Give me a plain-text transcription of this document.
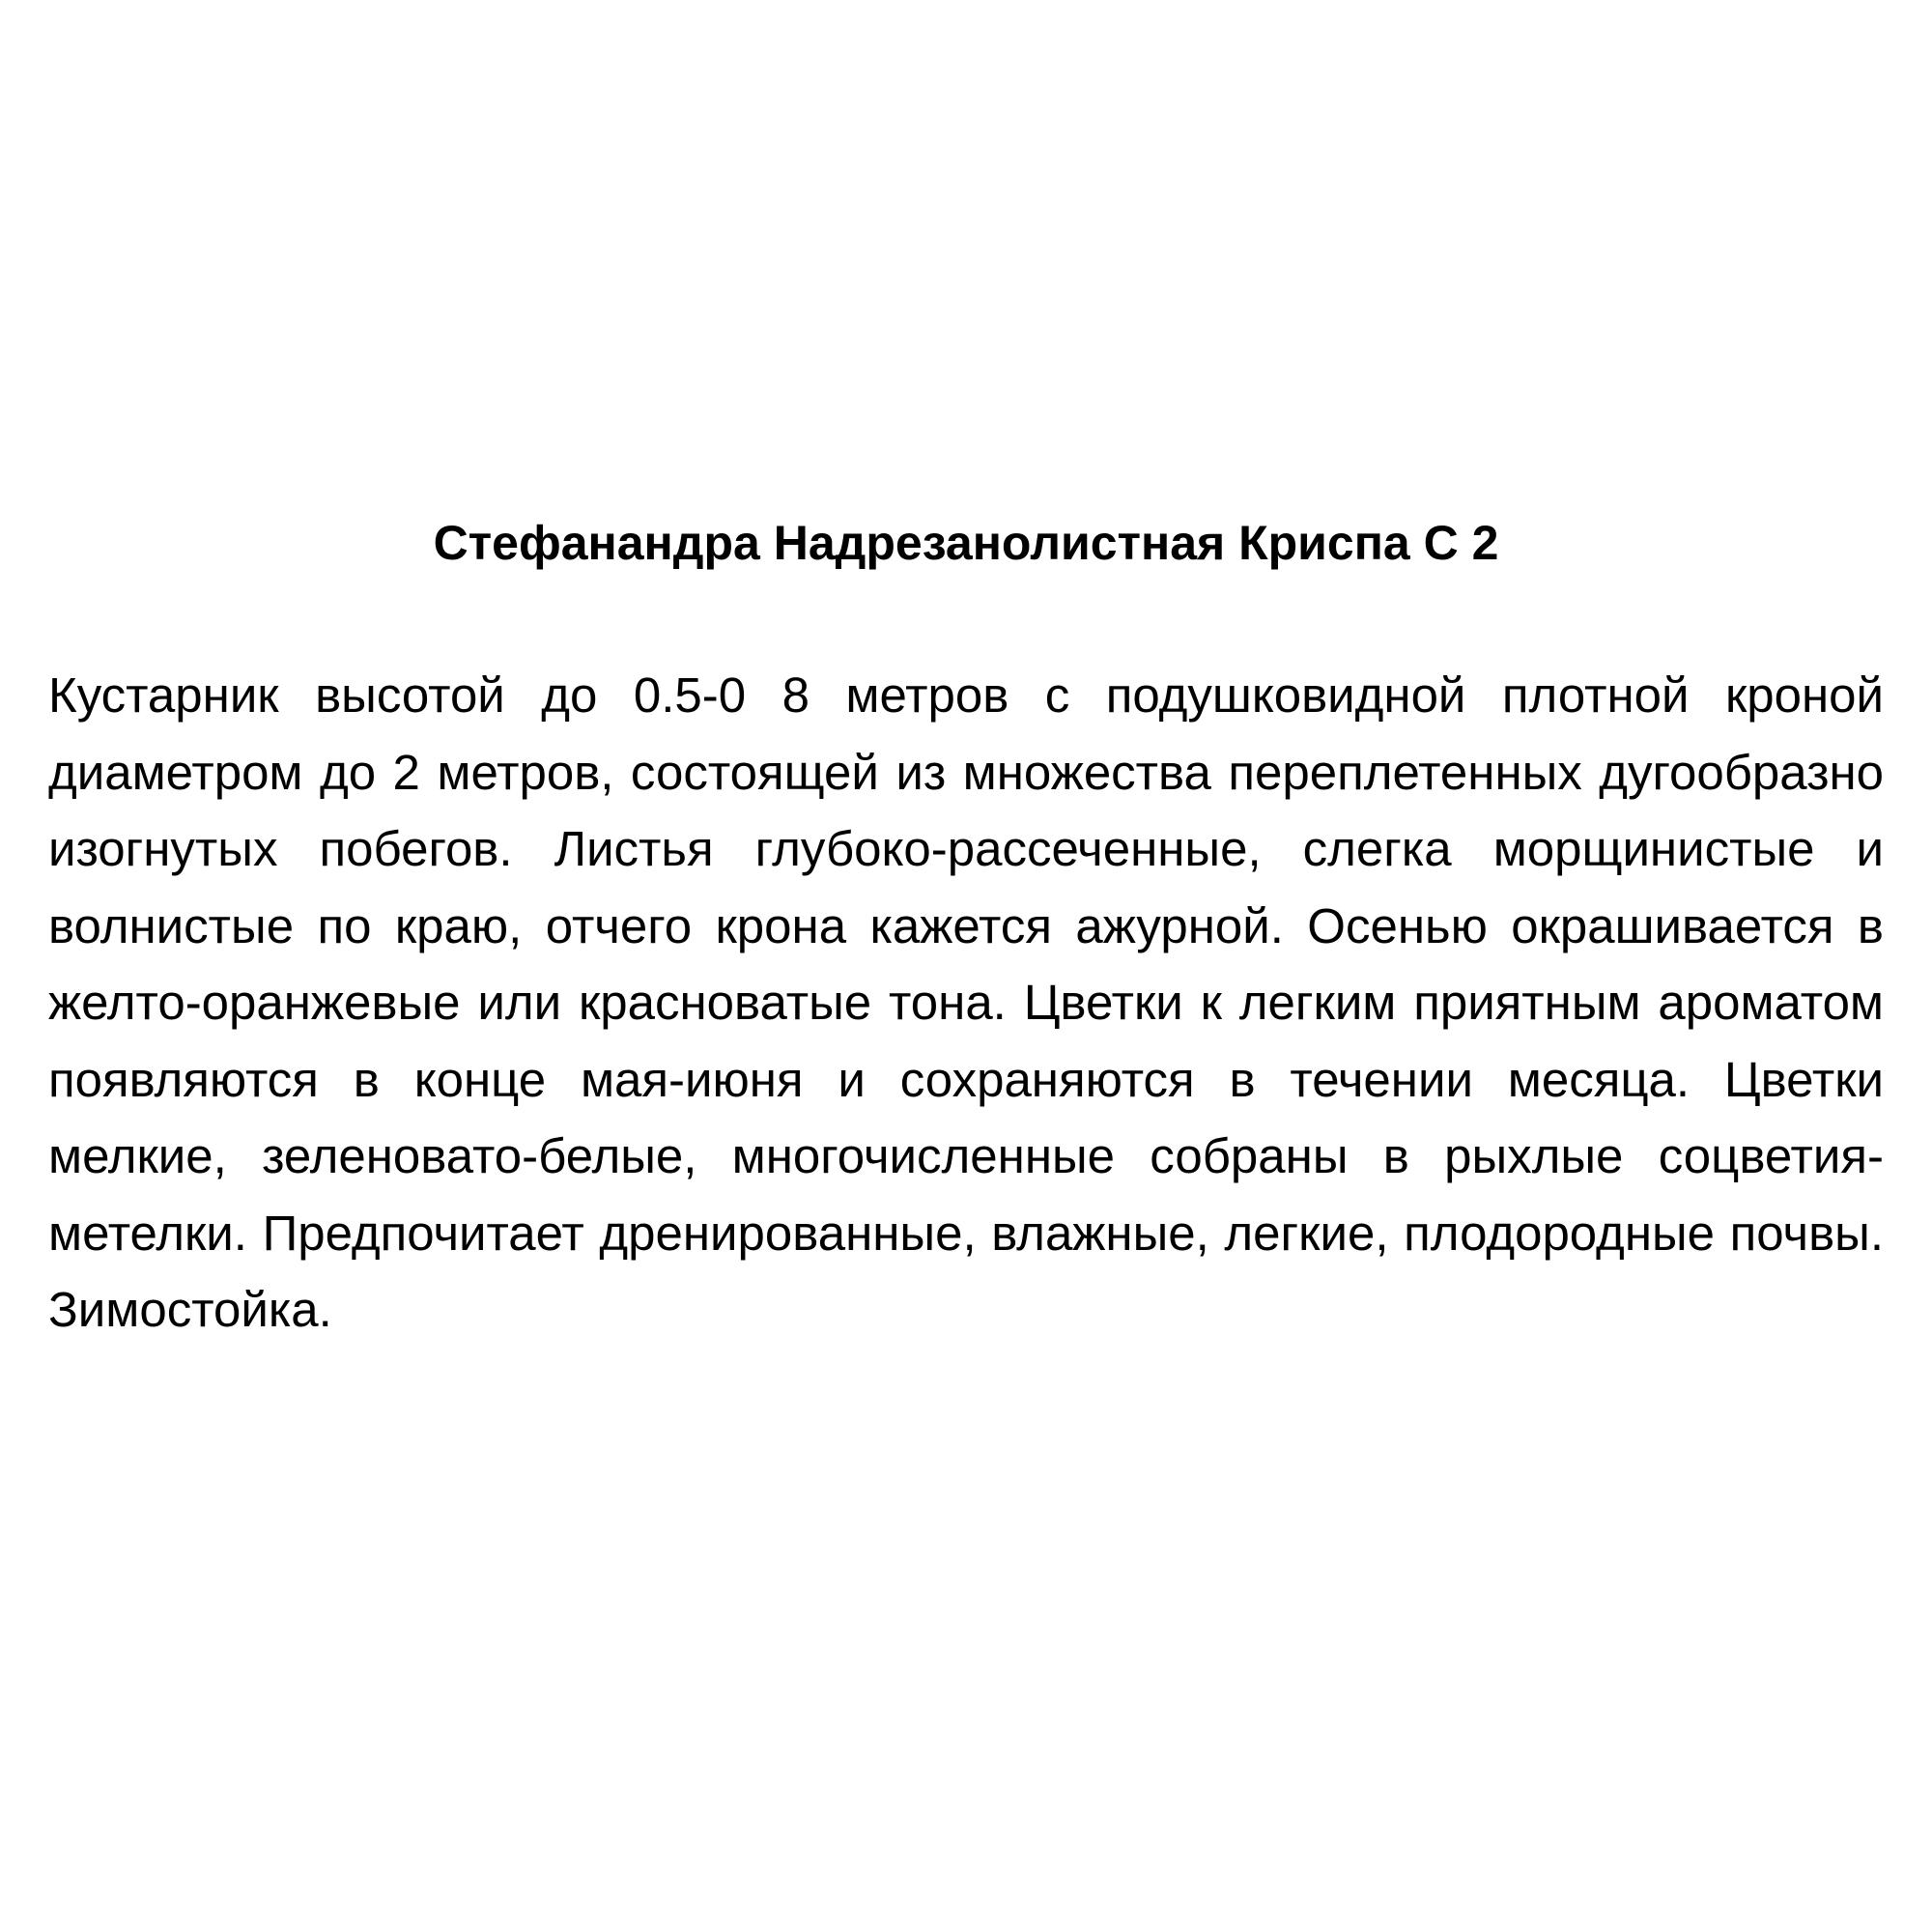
Стефанандра Надрезанолистная Криспа С 2

Кустарник высотой до 0.5-0 8 метров с подушковидной плотной кроной диаметром до 2 метров, состоящей из множества переплетенных дугообразно изогнутых побегов. Листья глубоко-рассеченные, слегка морщинистые и волнистые по краю, отчего крона кажется ажурной. Осенью окрашивается в желто-оранжевые или красноватые тона. Цветки к легким приятным ароматом появляются в конце мая-июня и сохраняются в течении месяца. Цветки мелкие, зеленовато-белые, многочисленные собраны в рыхлые соцветия-метелки. Предпочитает дренированные, влажные, легкие, плодородные почвы. Зимостойка.
